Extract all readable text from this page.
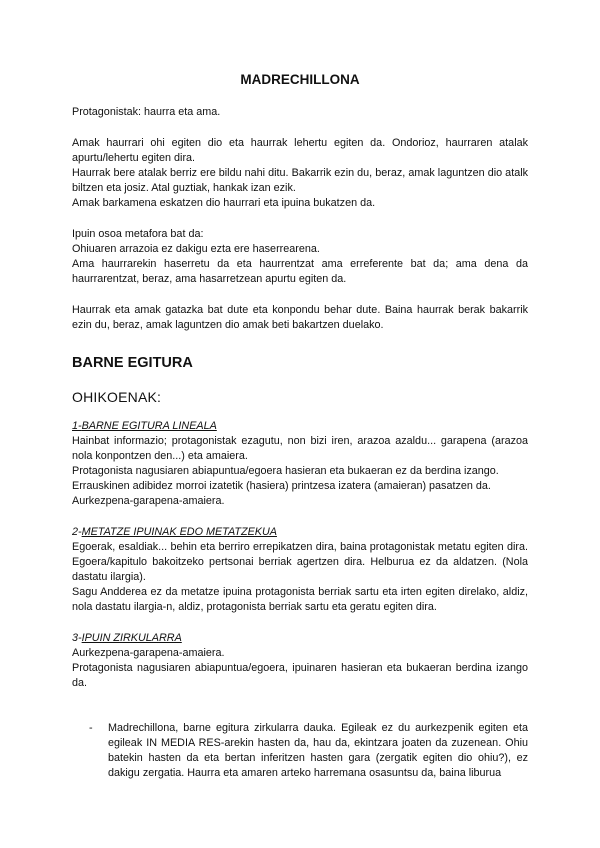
MADRECHILLONA

Protagonistak: haurra eta ama.

Amak haurrari ohi egiten dio eta haurrak lehertu egiten da. Ondorioz, haurraren atalak apurtu/lehertu egiten dira.

Haurrak bere atalak berriz ere bildu nahi ditu. Bakarrik ezin du, beraz, amak laguntzen dio atalk biltzen eta josiz. Atal guztiak, hankak izan ezik.

Amak barkamena eskatzen dio haurrari eta ipuina bukatzen da.

Ipuin osoa metafora bat da:

Ohiuaren arrazoia ez dakigu ezta ere haserrearena.

Ama haurrarekin haserretu da eta haurrentzat ama erreferente bat da; ama dena da haurrarentzat, beraz, ama hasarretzean apurtu egiten da.

Haurrak eta amak gatazka bat dute eta konpondu behar dute. Baina haurrak berak bakarrik ezin du, beraz, amak laguntzen dio amak beti bakartzen duelako.

BARNE EGITURA
OHIKOENAK:

1-BARNE EGITURA LINEALA

Hainbat informazio; protagonistak ezagutu, non bizi iren, arazoa azaldu... garapena (arazoa nola konpontzen den...) eta amaiera.

Protagonista nagusiaren abiapuntua/egoera hasieran eta bukaeran ez da berdina izango.

Errauskinen adibidez morroi izatetik (hasiera) printzesa izatera (amaieran) pasatzen da.

Aurkezpena-garapena-amaiera.

2-METATZE IPUINAK EDO METATZEKUA

Egoerak, esaldiak... behin eta berriro errepikatzen dira, baina protagonistak metatu egiten dira. Egoera/kapitulo bakoitzeko pertsonai berriak agertzen dira. Helburua ez da aldatzen. (Nola dastatu ilargia).

Sagu Andderea ez da metatze ipuina protagonista berriak sartu eta irten egiten direlako, aldiz, nola dastatu ilargia-n, aldiz, protagonista berriak sartu eta geratu egiten dira.

3-IPUIN ZIRKULARRA

Aurkezpena-garapena-amaiera.

Protagonista nagusiaren abiapuntua/egoera, ipuinaren hasieran eta bukaeran berdina izango da.

- Madrechillona, barne egitura zirkularra dauka. Egileak ez du aurkezpenik egiten eta egileak IN MEDIA RES-arekin hasten da, hau da, ekintzara joaten da zuzenean. Ohiu batekin hasten da eta bertan inferitzen hasten gara (zergatik egiten dio ohiu?), ez dakigu zergatia. Haurra eta amaren arteko harremana osasuntsu da, baina liburua
